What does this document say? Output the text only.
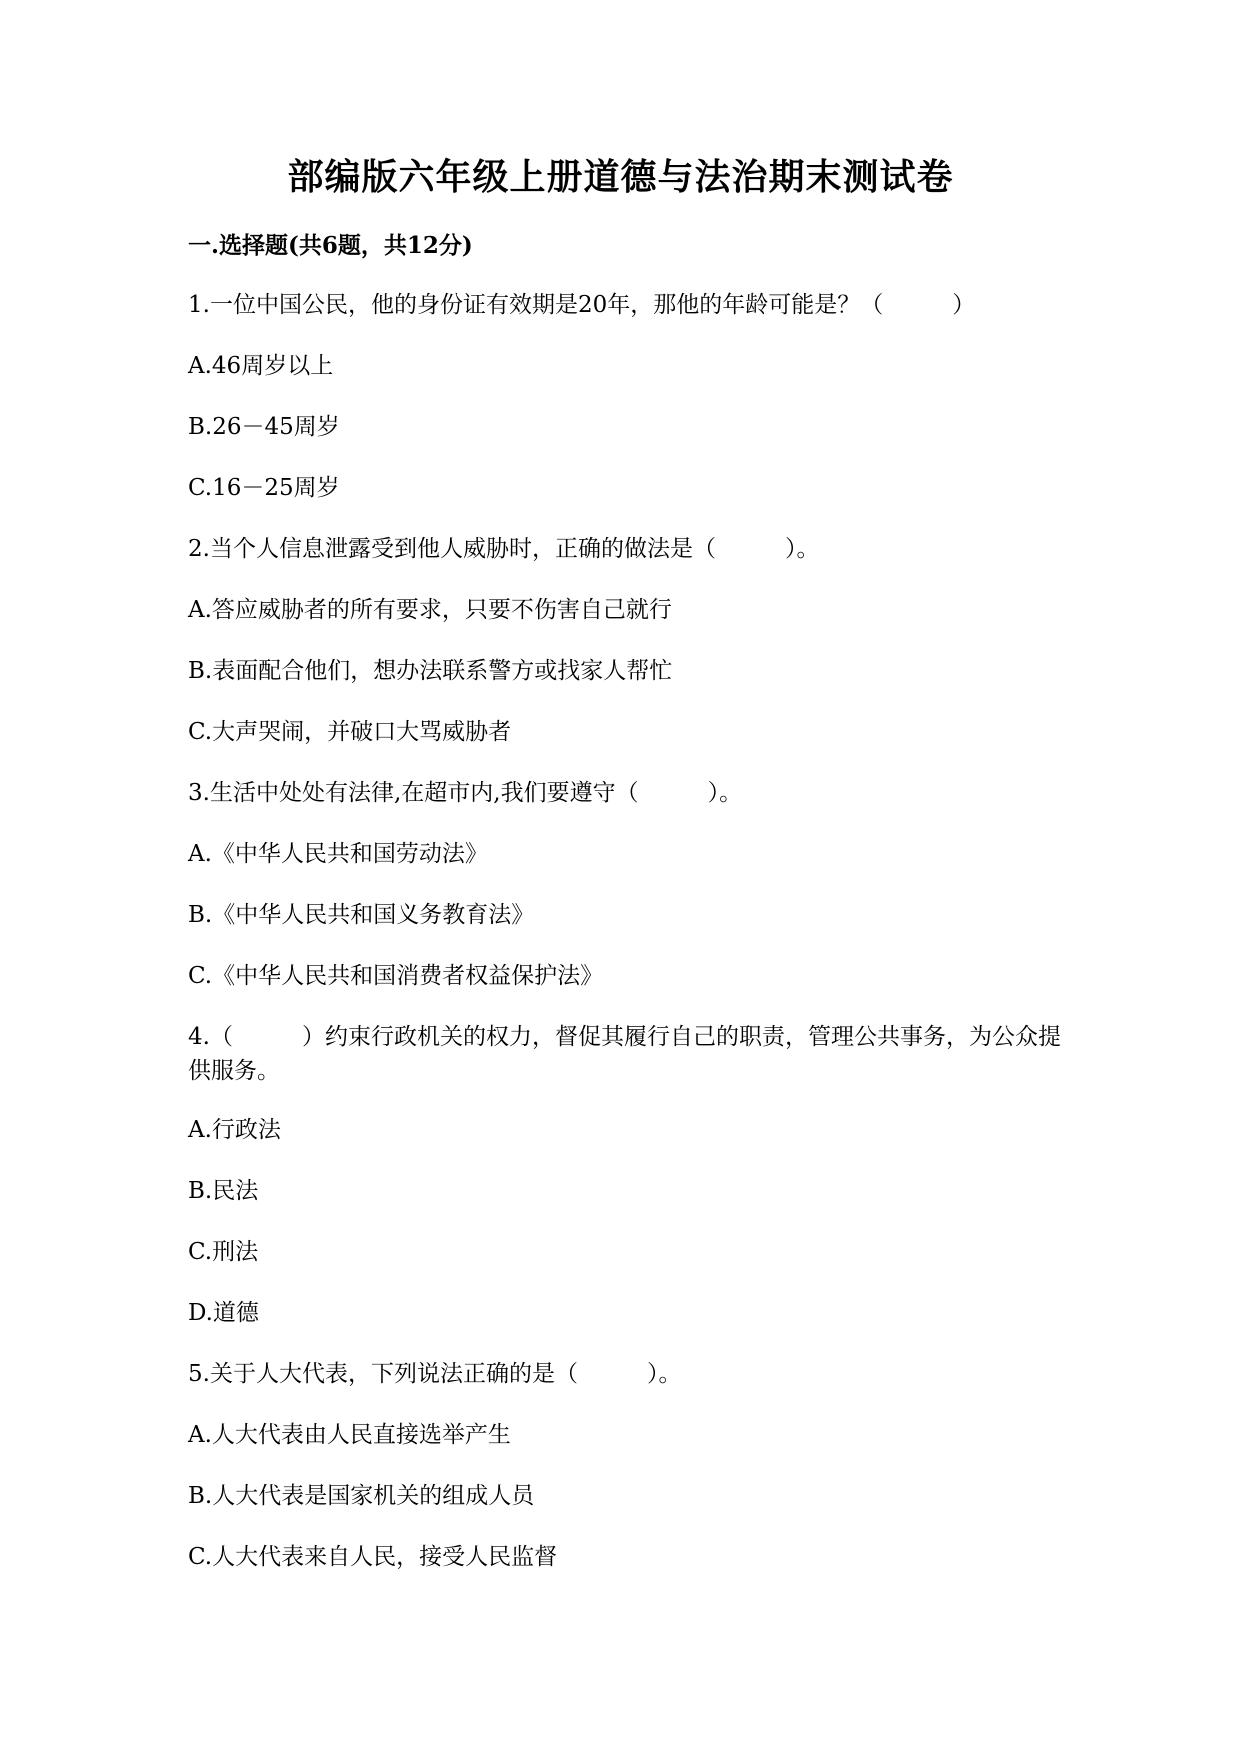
部编版六年级上册道德与法治期末测试卷
一.选择题(共6题，共12分)
1.一位中国公民，他的身份证有效期是20年，那他的年龄可能是？（　　　）
A.46周岁以上
B.26－45周岁
C.16－25周岁
2.当个人信息泄露受到他人威胁时，正确的做法是（　　　）。
A.答应威胁者的所有要求，只要不伤害自己就行
B.表面配合他们，想办法联系警方或找家人帮忙
C.大声哭闹，并破口大骂威胁者
3.生活中处处有法律,在超市内,我们要遵守（　　　）。
A.《中华人民共和国劳动法》
B.《中华人民共和国义务教育法》
C.《中华人民共和国消费者权益保护法》
4.（　　　）约束行政机关的权力，督促其履行自己的职责，管理公共事务，为公众提供服务。
A.行政法
B.民法
C.刑法
D.道德
5.关于人大代表，下列说法正确的是（　　　）。
A.人大代表由人民直接选举产生
B.人大代表是国家机关的组成人员
C.人大代表来自人民，接受人民监督
